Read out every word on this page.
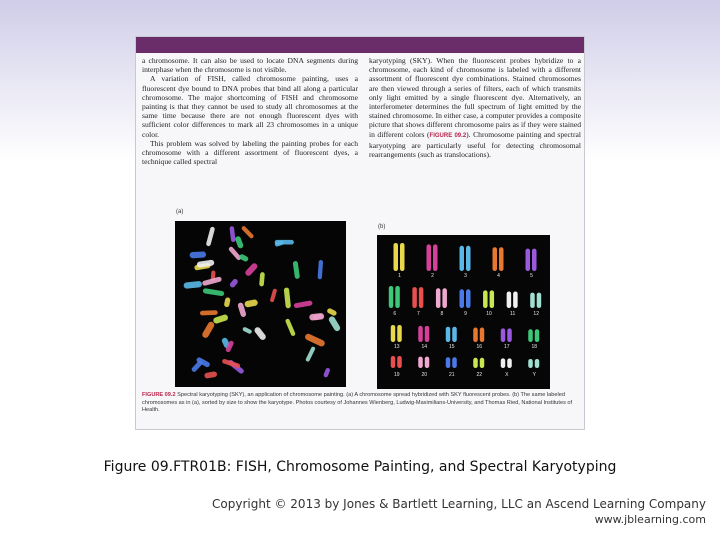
a chromosome. It can also be used to locate DNA segments during interphase when the chromosome is not visible.

A variation of FISH, called chromosome painting, uses a fluorescent dye bound to DNA probes that bind all along a particular chromosome. The major shortcoming of FISH and chromosome painting is that they cannot be used to study all chromosomes at the same time because there are not enough fluorescent dyes with sufficient color differences to mark all 23 chromosomes in a unique color.

This problem was solved by labeling the painting probes for each chromosome with a different assortment of fluorescent dyes, a technique called spectral

karyotyping (SKY). When the fluorescent probes hybridize to a chromosome, each kind of chromosome is labeled with a different assortment of fluorescent dye combinations. Stained chromosomes are then viewed through a series of filters, each of which transmits only light emitted by a single fluorescent dye. Alternatively, an interferometer determines the full spectrum of light emitted by the stained chromosome. In either case, a computer provides a composite picture that shows different chromosome pairs as if they were stained in different colors (FIGURE 09.2). Chromosome painting and spectral karyotyping are particularly useful for detecting chromosomal rearrangements (such as translocations).

(a)
(b)
1	2	3	4	5
6	7	8	9	10	11	12
13	14	15	16	17	18
19	20	21	22	X	Y
FIGURE 09.2 Spectral karyotyping (SKY), an application of chromosome painting. (a) A chromosome spread hybridized with SKY fluorescent probes. (b) The same labeled chromosomes as in (a), sorted by size to show the karyotype. Photos courtesy of Johannes Wienberg, Ludwig-Maximilians-University, and Thomas Ried, National Institutes of Health.
Figure 09.FTR01B: FISH, Chromosome Painting, and Spectral Karyotyping
Copyright © 2013 by Jones & Bartlett Learning, LLC an Ascend Learning Company
www.jblearning.com
